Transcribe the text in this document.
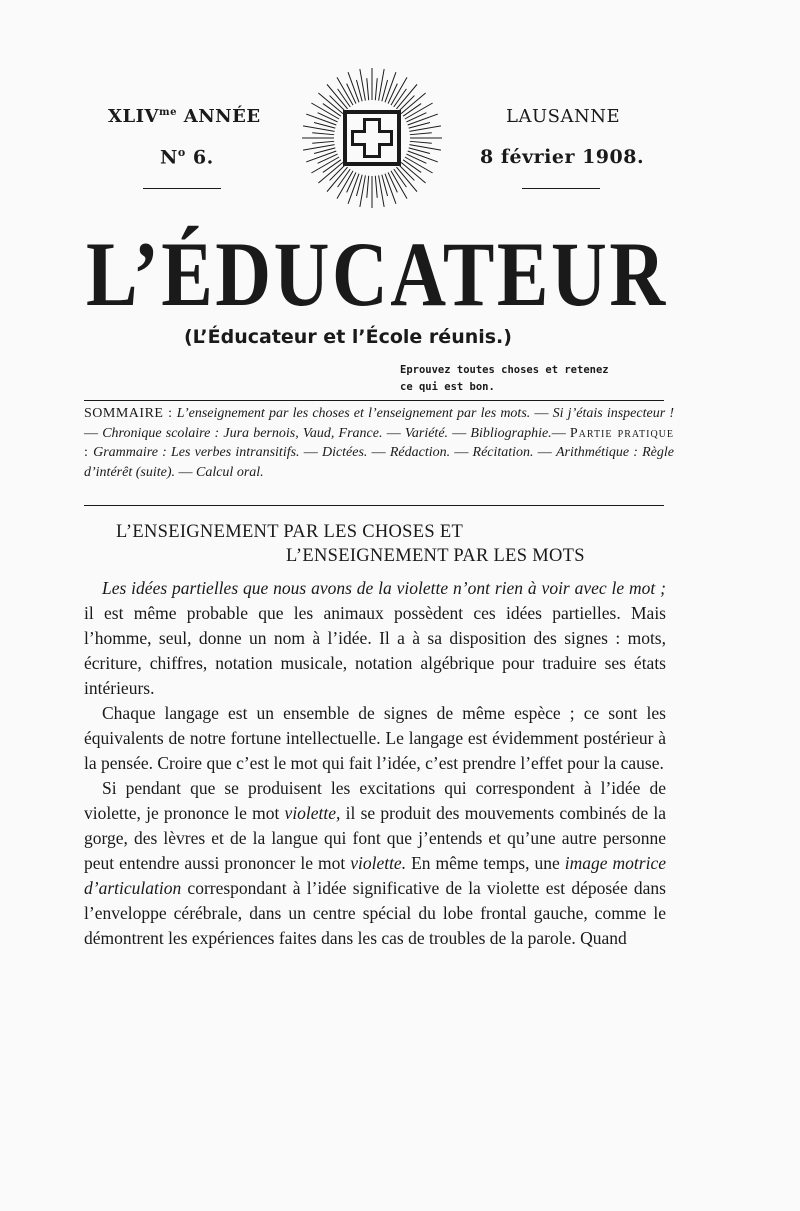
$XLIV^{me}$ ANNÉE
$N^o$ 6.
LAUSANNE
8 février 1908.
L’ÉDUCATEUR
(L’Éducateur et l’École réunis.)
Eprouvez toutes choses et retenez
ce qui est bon.
SOMMAIRE : L’enseignement par les choses et l’enseignement par les mots. — Si j’étais inspecteur ! — Chronique scolaire : Jura bernois, Vaud, France. — Variété. — Bibliographie.— Partie pratique : Grammaire : Les verbes intransitifs. — Dictées. — Rédaction. — Récitation. — Arithmétique : Règle d’intérêt (suite). — Calcul oral.
L’ENSEIGNEMENT PAR LES CHOSES ET
L’ENSEIGNEMENT PAR LES MOTS

Les idées partielles que nous avons de la violette n’ont rien à voir avec le mot ; il est même probable que les animaux possèdent ces idées partielles. Mais l’homme, seul, donne un nom à l’idée. Il a à sa disposition des signes : mots, écriture, chiffres, notation musicale, notation algébrique pour traduire ses états intérieurs.

Chaque langage est un ensemble de signes de même espèce ; ce sont les équivalents de notre fortune intellectuelle. Le langage est évidemment postérieur à la pensée. Croire que c’est le mot qui fait l’idée, c’est prendre l’effet pour la cause.

Si pendant que se produisent les excitations qui correspondent à l’idée de violette, je prononce le mot violette, il se produit des mouvements combinés de la gorge, des lèvres et de la langue qui font que j’entends et qu’une autre personne peut entendre aussi prononcer le mot violette. En même temps, une image motrice d’articulation correspondant à l’idée significative de la violette est déposée dans l’enveloppe cérébrale, dans un centre spécial du lobe frontal gauche, comme le démontrent les expériences faites dans les cas de troubles de la parole. Quand
